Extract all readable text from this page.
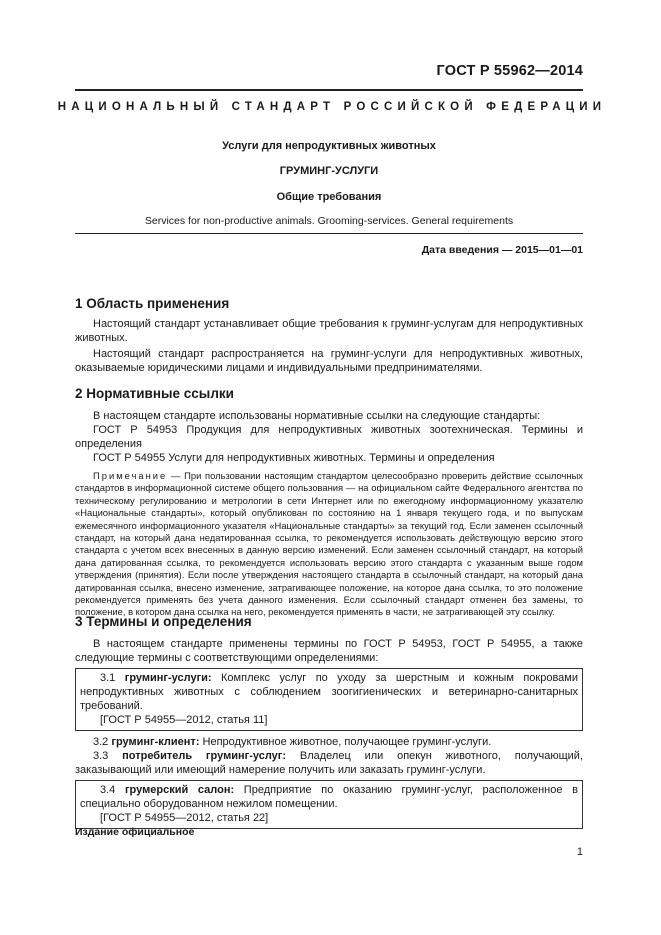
ГОСТ Р 55962—2014
НАЦИОНАЛЬНЫЙ СТАНДАРТ РОССИЙСКОЙ ФЕДЕРАЦИИ
Услуги для непродуктивных животных
ГРУМИНГ-УСЛУГИ
Общие требования
Services for non-productive animals. Grooming-services. General requirements
Дата введения — 2015—01—01
1 Область применения

Настоящий стандарт устанавливает общие требования к груминг-услугам для непродуктивных животных.

Настоящий стандарт распространяется на груминг-услуги для непродуктивных животных, оказываемые юридическими лицами и индивидуальными предпринимателями.

2 Нормативные ссылки

В настоящем стандарте использованы нормативные ссылки на следующие стандарты:

ГОСТ Р 54953 Продукция для непродуктивных животных зоотехническая. Термины и определения

ГОСТ Р 54955 Услуги для непродуктивных животных. Термины и определения

Примечание — При пользовании настоящим стандартом целесообразно проверить действие ссылочных стандартов в информационной системе общего пользования — на официальном сайте Федерального агентства по техническому регулированию и метрологии в сети Интернет или по ежегодному информационному указателю «Национальные стандарты», который опубликован по состоянию на 1 января текущего года, и по выпускам ежемесячного информационного указателя «Национальные стандарты» за текущий год. Если заменен ссылочный стандарт, на который дана недатированная ссылка, то рекомендуется использовать действующую версию этого стандарта с учетом всех внесенных в данную версию изменений. Если заменен ссылочный стандарт, на который дана датированная ссылка, то рекомендуется использовать версию этого стандарта с указанным выше годом утверждения (принятия). Если после утверждения настоящего стандарта в ссылочный стандарт, на который дана датированная ссылка, внесено изменение, затрагивающее положение, на которое дана ссылка, то это положение рекомендуется применять без учета данного изменения. Если ссылочный стандарт отменен без замены, то положение, в котором дана ссылка на него, рекомендуется применять в части, не затрагивающей эту ссылку.

3 Термины и определения

В настоящем стандарте применены термины по ГОСТ Р 54953, ГОСТ Р 54955, а также следующие термины с соответствующими определениями:

3.1 груминг-услуги: Комплекс услуг по уходу за шерстным и кожным покровами непродуктивных животных с соблюдением зоогигиенических и ветеринарно-санитарных требований.

[ГОСТ Р 54955—2012, статья 11]

3.2 груминг-клиент: Непродуктивное животное, получающее груминг-услуги.

3.3 потребитель груминг-услуг: Владелец или опекун животного, получающий, заказывающий или имеющий намерение получить или заказать груминг-услуги.

3.4 грумерский салон: Предприятие по оказанию груминг-услуг, расположенное в специально оборудованном нежилом помещении.

[ГОСТ Р 54955—2012, статья 22]
Издание официальное
1
